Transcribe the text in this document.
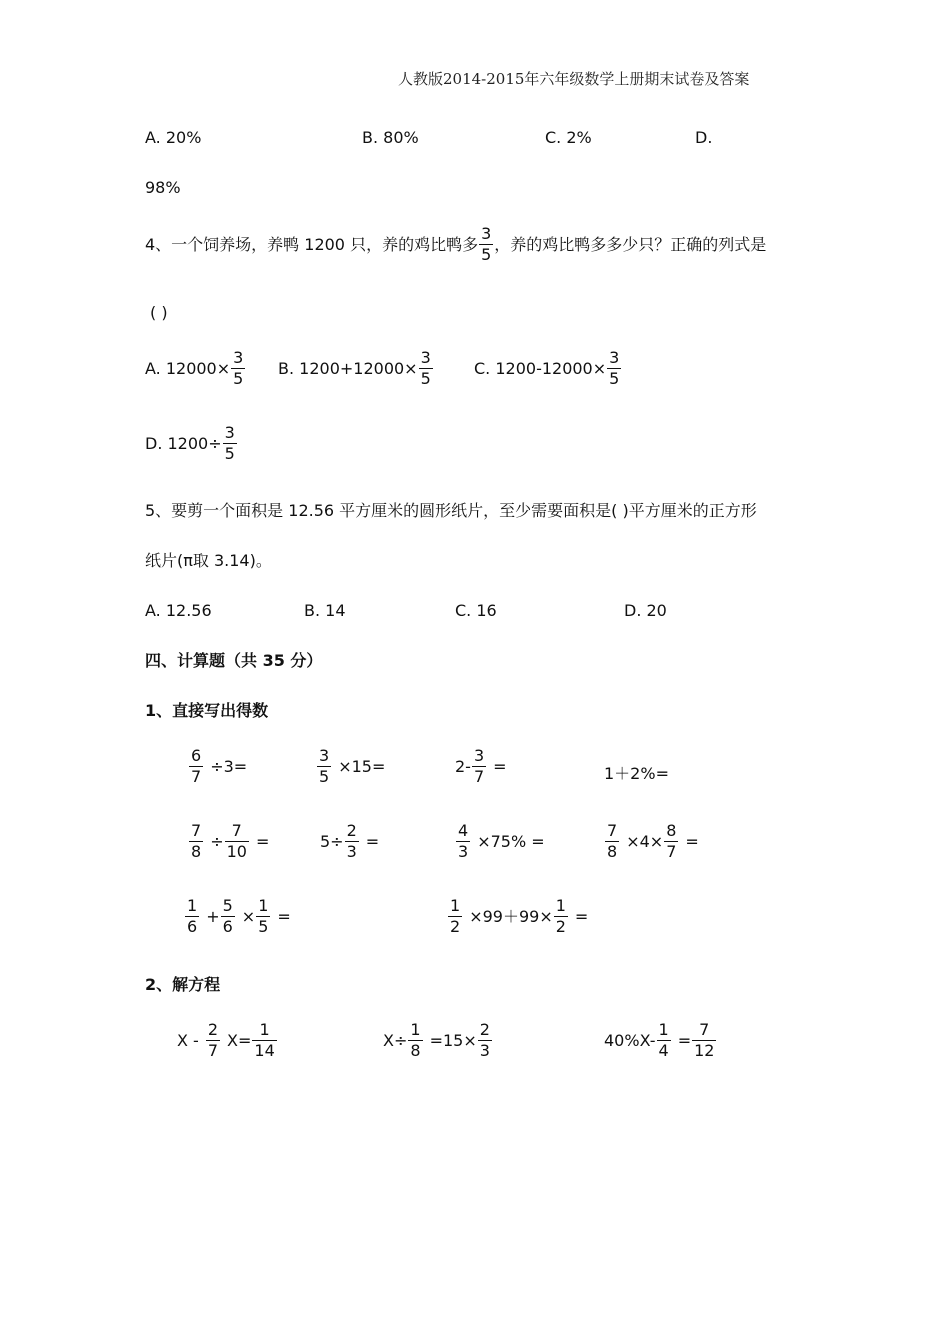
人教版2014-2015年六年级数学上册期末试卷及答案
A. 20%	B. 80%	C. 2%	D.
98%
4、一个饲养场，养鸭 1200 只，养的鸡比鸭多 $\frac{3}{5}$ ，养的鸡比鸭多多少只？正确的列式是
( )
A. $12000\times \frac{3}{5} B$. $1200+12000\times \frac{3}{5}$	C. $1200-12000\times \frac{3}{5}$
D. $1200\div \frac{3}{5}$
5、要剪一个面积是 12.56 平方厘米的圆形纸片，至少需要面积是( )平方厘米的正方形
纸片(π取 3.14)。
A. 12.56	B. 14	C. 16	D. 20
四、计算题（共 35 分）
1、直接写出得数
$\frac{6}{7} \div 3=$	$\frac{3}{5} \times 15=$	$2- \frac{3}{7}$ =	1＋2%=
$\frac{7}{8} \div \frac{7}{10}$ =	$5\div \frac{2}{3}$ =	$\frac{4}{3} \times 75\%$ =	$\frac{7}{8} \times 4\times \frac{8}{7}$ =
$\frac{1}{6} + \frac{5}{6} \times \frac{1}{5}$ =	$\frac{1}{2} \times 99+99\times \frac{1}{2}$ =
2、解方程
$X - \frac{2}{7} X= \frac{1}{14}$	$X\div \frac{1}{8} =15\times \frac{2}{3}$	$40\%X- \frac{1}{4} = \frac{7}{12}$
